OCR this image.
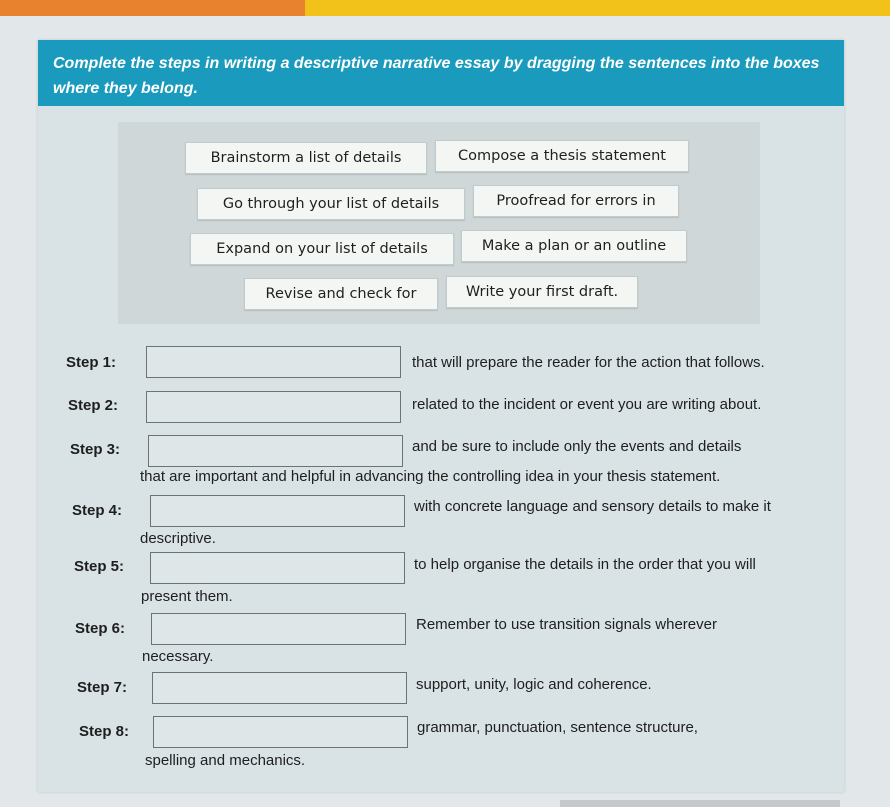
Complete the steps in writing a descriptive narrative essay by dragging the sentences into the boxes where they belong.
Brainstorm a list of details	Compose a thesis statement
Go through your list of details	Proofread for errors in
Expand on your list of details	Make a plan or an outline
Revise and check for	Write your first draft.
Step 1:	that will prepare the reader for the action that follows.
Step 2:	related to the incident or event you are writing about.
Step 3:	and be sure to include only the events and details
that are important and helpful in advancing the controlling idea in your thesis statement.
Step 4:	with concrete language and sensory details to make it
descriptive.
Step 5:	to help organise the details in the order that you will
present them.
Step 6:	Remember to use transition signals wherever
necessary.
Step 7:	support, unity, logic and coherence.
Step 8:	grammar, punctuation, sentence structure,
spelling and mechanics.
